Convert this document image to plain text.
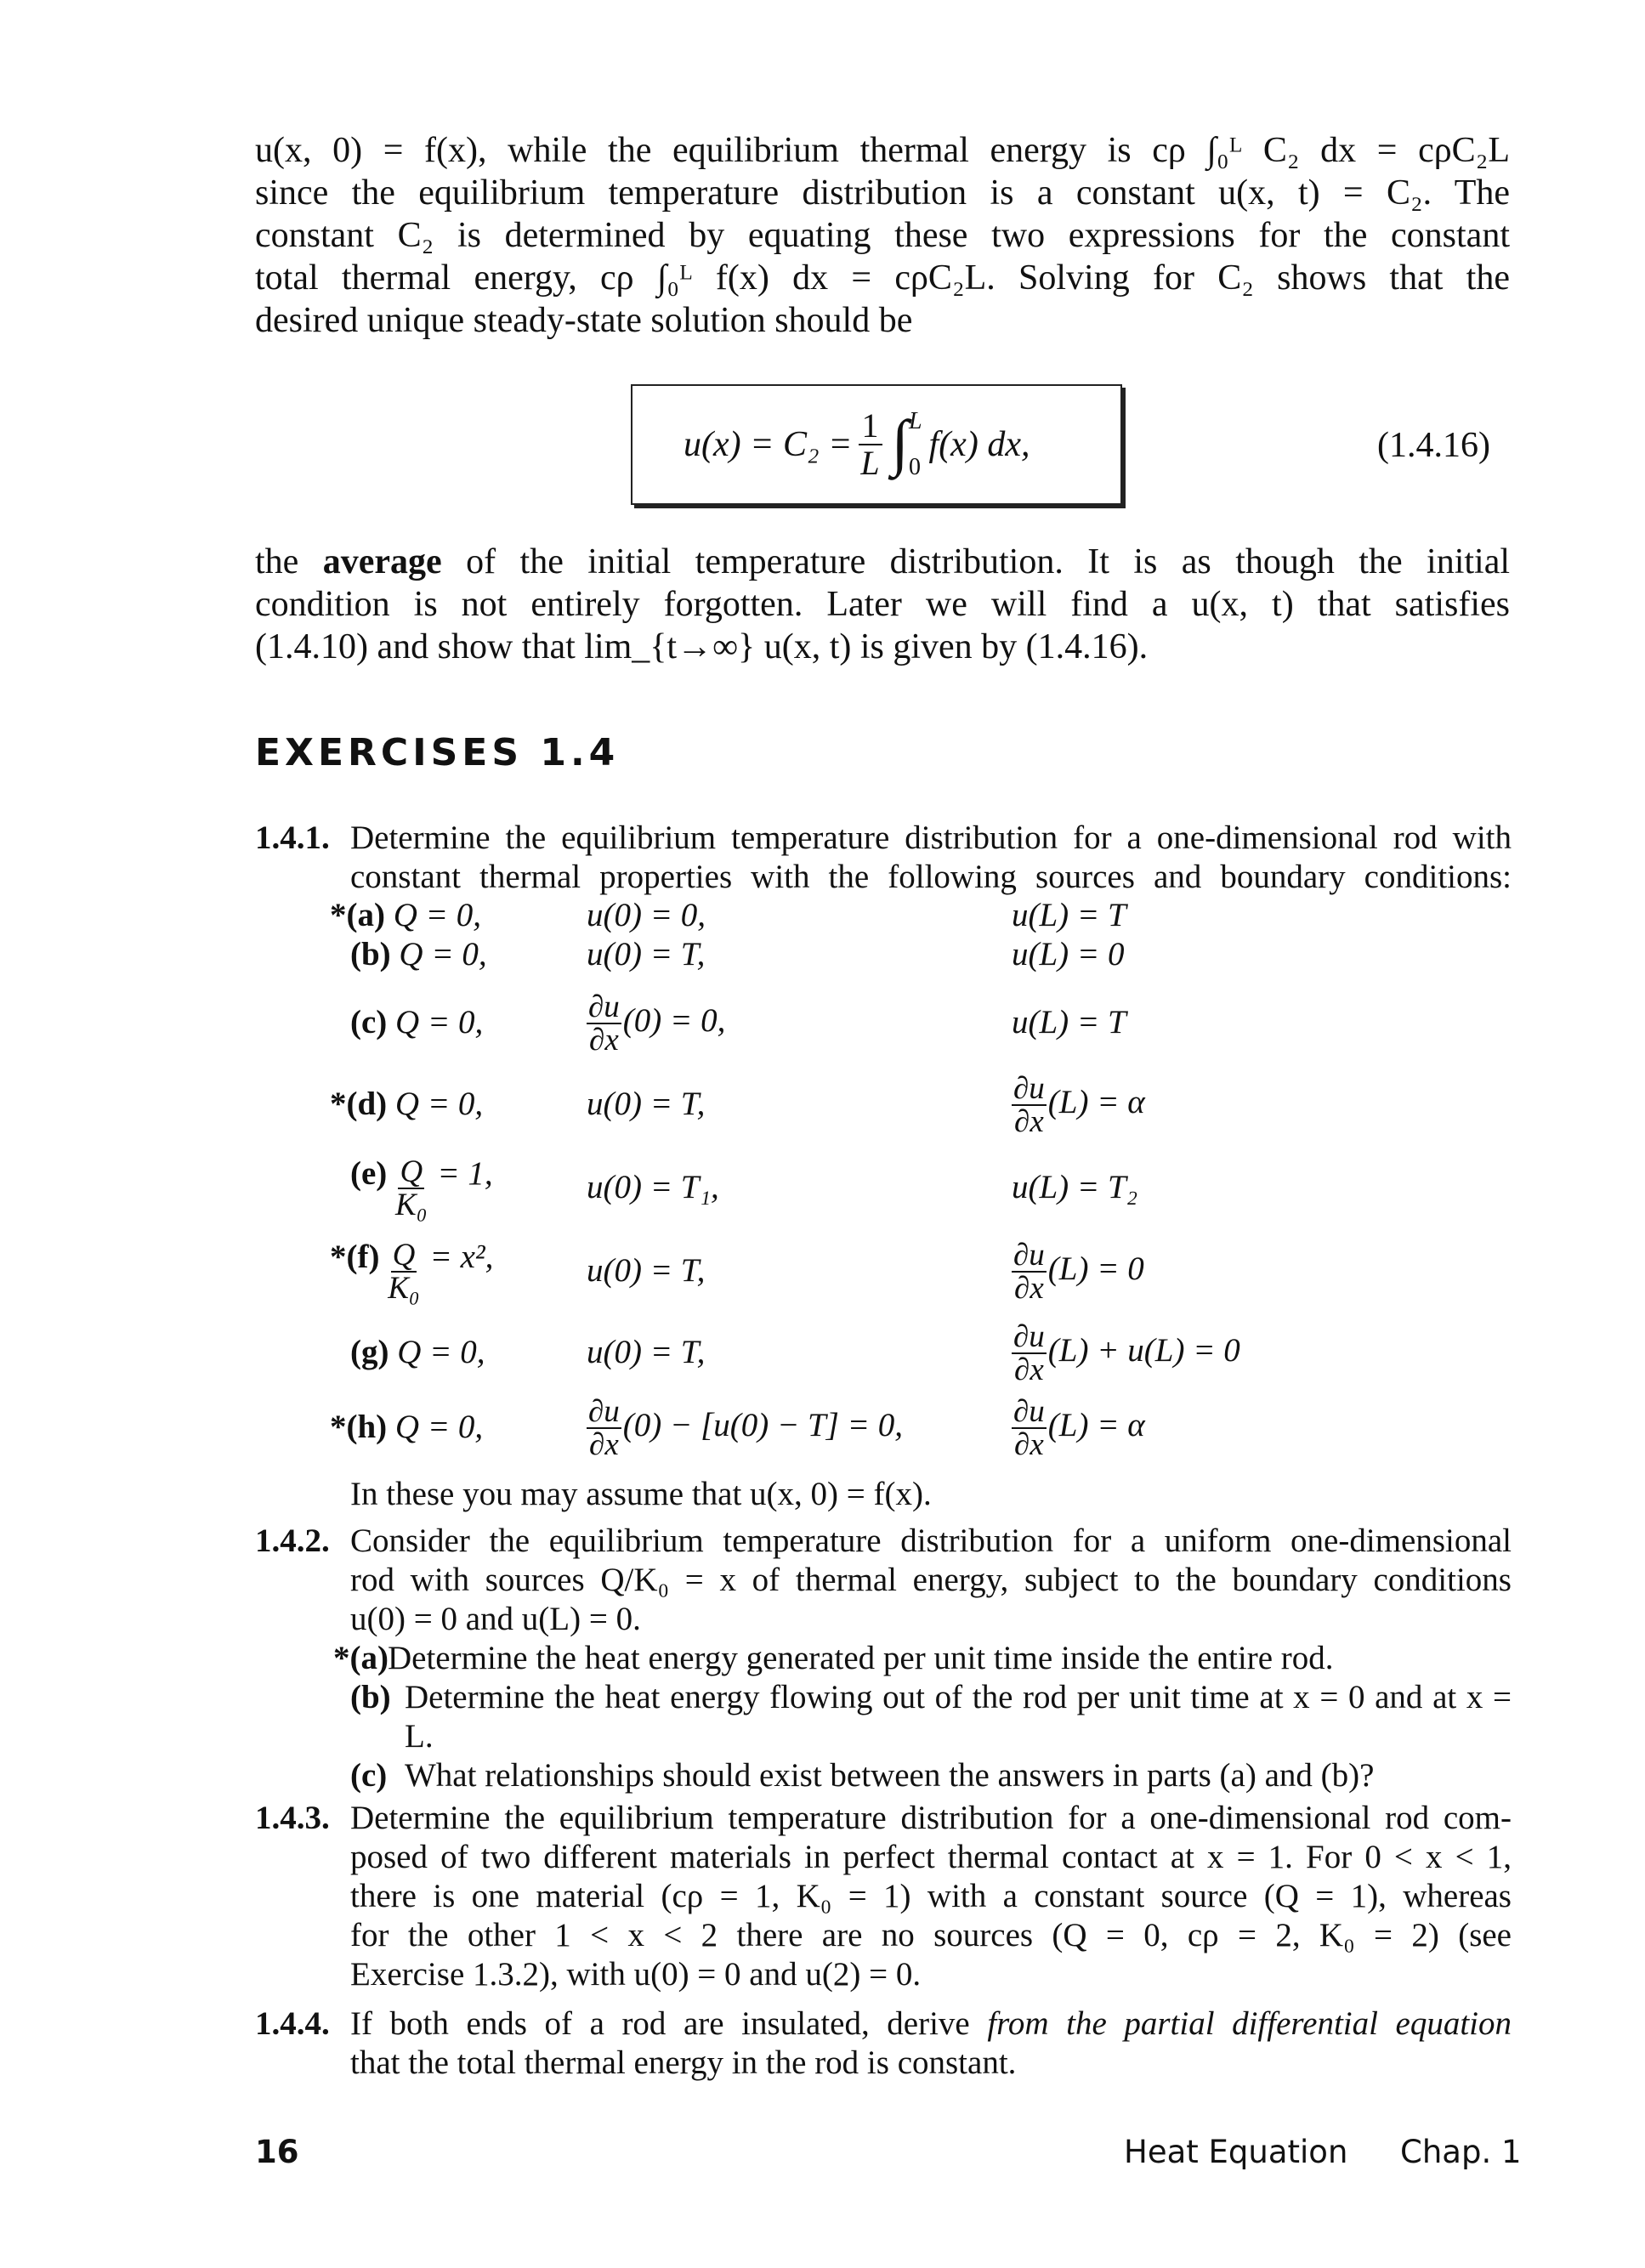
u(x, 0) = f(x), while the equilibrium thermal energy is cρ ∫₀ᴸ C₂ dx = cρC₂L
since the equilibrium temperature distribution is a constant u(x, t) = C₂. The
constant C₂ is determined by equating these two expressions for the constant
total thermal energy, cρ ∫₀ᴸ f(x) dx = cρC₂L. Solving for C₂ shows that the
desired unique steady-state solution should be
$u(x) = C_2 = \frac{1}{L}$ ∫ L
0
f(x) dx,	(1.4.16)
the average of the initial temperature distribution. It is as though the initial
condition is not entirely forgotten. Later we will find a u(x, t) that satisfies
(1.4.10) and show that lim_{t→∞} u(x, t) is given by (1.4.16).
EXERCISES 1.4
1.4.1. Determine the equilibrium temperature distribution for a one-dimensional rod with
constant thermal properties with the following sources and boundary conditions:
*(a) Q = 0,	u(0) = 0,	u(L) = T
(b) Q = 0,	u(0) = T,	u(L) = 0
(c) Q = 0,	$\frac{\partial u}{\partial x} (0) = 0$,	u(L) = T
*(d) Q = 0,	u(0) = T,	$\frac{\partial u}{\partial x} (L) = \alpha$
$(e) \frac{Q}{\text{K₀}} = 1$,	u(0) = T₁,	u(L) = T₂
$*(f) \frac{Q}{\text{K₀}} = x^2$,	u(0) = T,	$\frac{\partial u}{\partial x} (L) = 0$
(g) Q = 0,	u(0) = T,	$\frac{\partial u}{\partial x} (L) + u(L) = 0$
*(h) Q = 0,	$\frac{\partial u}{\partial x} (0) - [u(0) - T] = 0$,	$\frac{\partial u}{\partial x} (L) = \alpha$
In these you may assume that u(x, 0) = f(x).
1.4.2. Consider the equilibrium temperature distribution for a uniform one-dimensional
rod with sources Q/K₀ = x of thermal energy, subject to the boundary conditions
u(0) = 0 and u(L) = 0.
*(a) Determine the heat energy generated per unit time inside the entire rod.
(b) Determine the heat energy flowing out of the rod per unit time at x = 0 and at x = L.
(c) What relationships should exist between the answers in parts (a) and (b)?
1.4.3. Determine the equilibrium temperature distribution for a one-dimensional rod com-
posed of two different materials in perfect thermal contact at x = 1. For 0 < x < 1,
there is one material (cρ = 1, K₀ = 1) with a constant source (Q = 1), whereas
for the other 1 < x < 2 there are no sources (Q = 0, cρ = 2, K₀ = 2) (see
Exercise 1.3.2), with u(0) = 0 and u(2) = 0.
1.4.4. If both ends of a rod are insulated, derive from the partial differential equation
that the total thermal energy in the rod is constant.
16	Heat Equation Chap. 1
